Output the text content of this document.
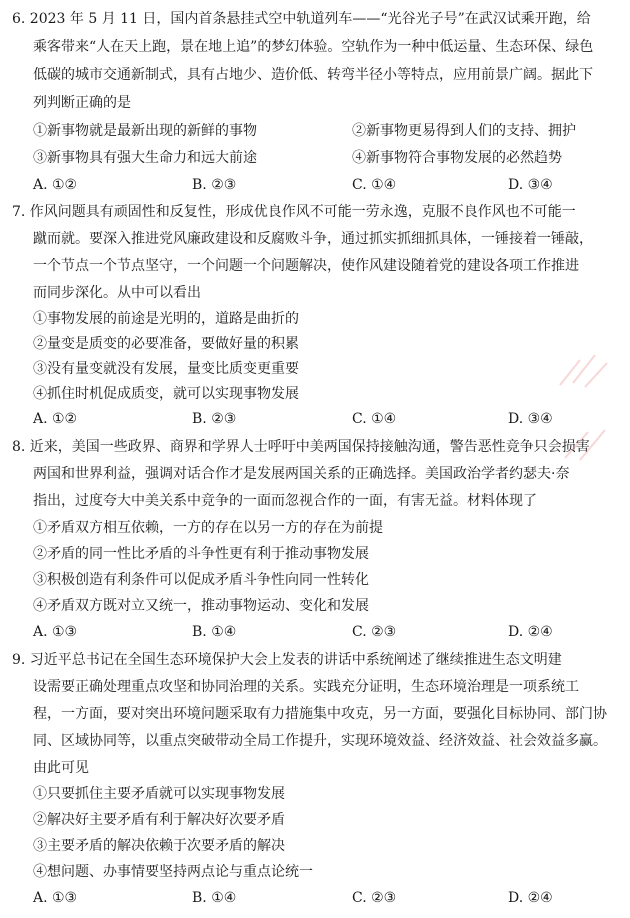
6. 2023 年 5 月 11 日，国内首条悬挂式空中轨道列车——“光谷光子号”在武汉试乘开跑，给
乘客带来“人在天上跑，景在地上追”的梦幻体验。空轨作为一种中低运量、生态环保、绿色
低碳的城市交通新制式，具有占地少、造价低、转弯半径小等特点，应用前景广阔。据此下
列判断正确的是
①新事物就是最新出现的新鲜的事物	②新事物更易得到人们的支持、拥护
③新事物具有强大生命力和远大前途	④新事物符合事物发展的必然趋势
A. ①②	B. ②③	C. ①④	D. ③④
7. 作风问题具有顽固性和反复性，形成优良作风不可能一劳永逸，克服不良作风也不可能一
蹴而就。要深入推进党风廉政建设和反腐败斗争，通过抓实抓细抓具体，一锤接着一锤敲，
一个节点一个节点坚守，一个问题一个问题解决，使作风建设随着党的建设各项工作推进
而同步深化。从中可以看出
①事物发展的前途是光明的，道路是曲折的
②量变是质变的必要准备，要做好量的积累
③没有量变就没有发展，量变比质变更重要
④抓住时机促成质变，就可以实现事物发展
A. ①②	B. ②③	C. ①④	D. ③④
8. 近来，美国一些政界、商界和学界人士呼吁中美两国保持接触沟通，警告恶性竞争只会损害
两国和世界利益，强调对话合作才是发展两国关系的正确选择。美国政治学者约瑟夫·奈
指出，过度夸大中美关系中竞争的一面而忽视合作的一面，有害无益。材料体现了
①矛盾双方相互依赖，一方的存在以另一方的存在为前提
②矛盾的同一性比矛盾的斗争性更有利于推动事物发展
③积极创造有利条件可以促成矛盾斗争性向同一性转化
④矛盾双方既对立又统一，推动事物运动、变化和发展
A. ①③	B. ①④	C. ②③	D. ②④
9. 习近平总书记在全国生态环境保护大会上发表的讲话中系统阐述了继续推进生态文明建
设需要正确处理重点攻坚和协同治理的关系。实践充分证明，生态环境治理是一项系统工
程，一方面，要对突出环境问题采取有力措施集中攻克，另一方面，要强化目标协同、部门协
同、区域协同等，以重点突破带动全局工作提升，实现环境效益、经济效益、社会效益多赢。
由此可见
①只要抓住主要矛盾就可以实现事物发展
②解决好主要矛盾有利于解决好次要矛盾
③主要矛盾的解决依赖于次要矛盾的解决
④想问题、办事情要坚持两点论与重点论统一
A. ①③	B. ①④	C. ②③	D. ②④
